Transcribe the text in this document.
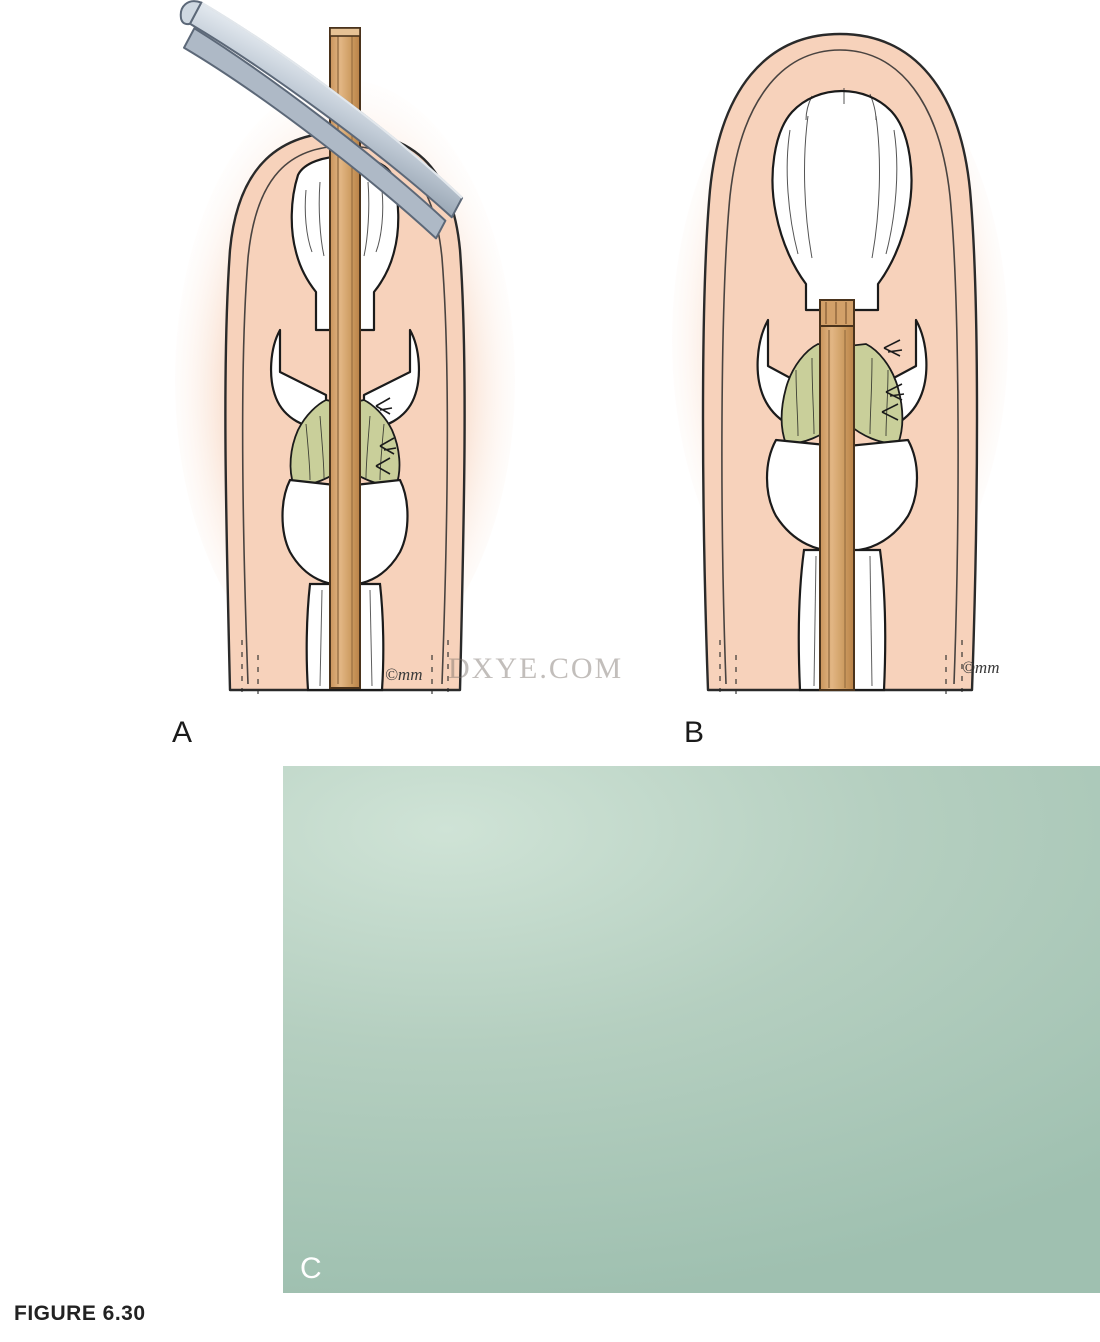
©mm	©mm
A	B
DXYE.COM
C
FIGURE 6.30
